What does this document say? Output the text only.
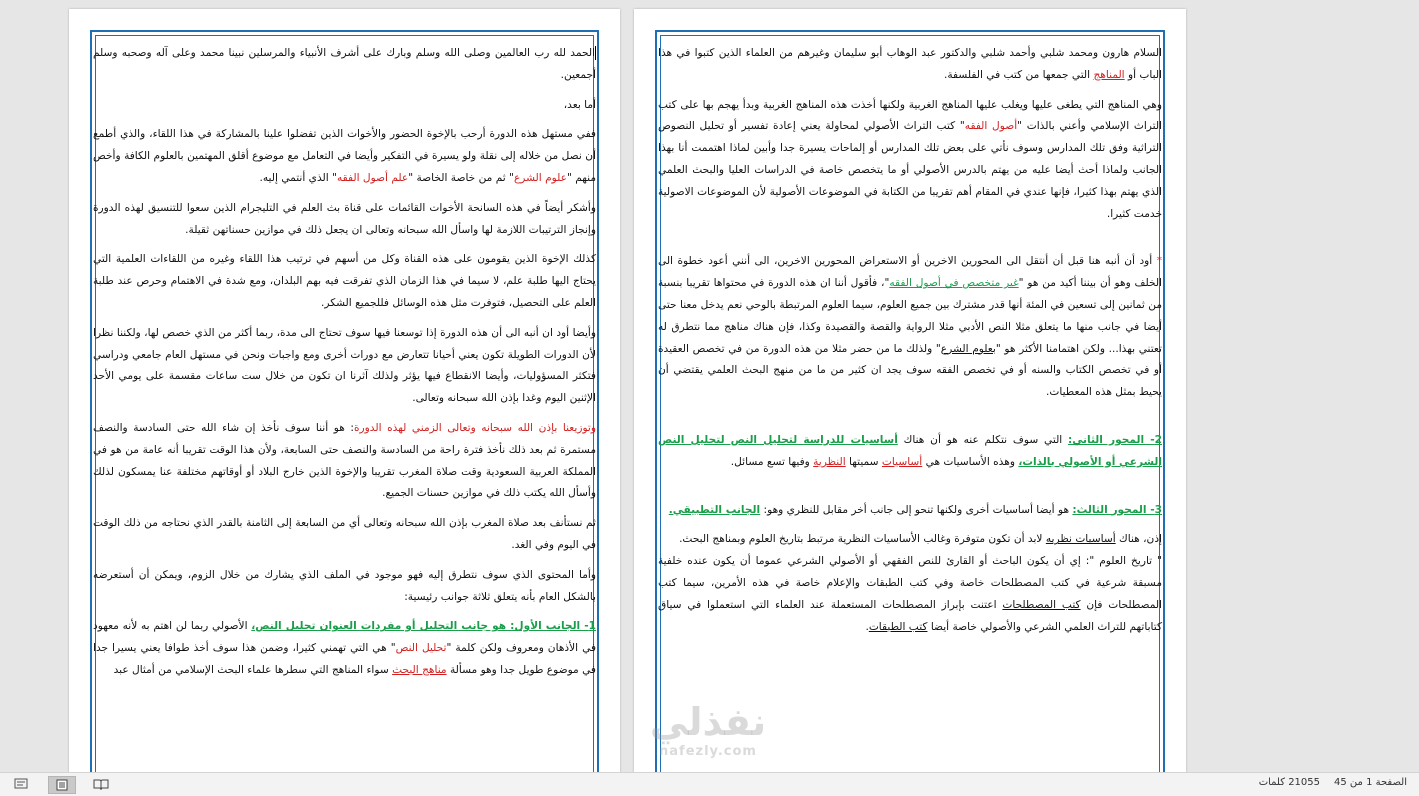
الحمد لله رب العالمين وصلى الله وسلم وبارك على أشرف الأنبياء والمرسلين نبينا محمد وعلى آله وصحبه وسلم أجمعين.

أما بعد،

ففي مستهل هذه الدورة أرحب بالإخوة الحضور والأخوات الذين تفضلوا علينا بالمشاركة في هذا اللقاء، والذي أطمع أن نصل من خلاله إلى نقلة ولو يسيرة في التفكير وأيضا في التعامل مع موضوع أقلق المهتمين بالعلوم الكافة وأخص منهم "علوم الشرع" ثم من خاصة الخاصة "علم أصول الفقه" الذي أنتمي إليه.

وأشكر أيضاً في هذه السانحة الأخوات القائمات على قناة بث العلم في التليجرام الذين سعوا للتنسيق لهذه الدورة وإنجاز الترتيبات اللازمة لها واسأل الله سبحانه وتعالى ان يجعل ذلك في موازين حسناتهن ثقيلة.

كذلك الإخوة الذين يقومون على هذه القناة وكل من أسهم في ترتيب هذا اللقاء وغيره من اللقاءات العلمية التي يحتاج اليها طلبة علم، لا سيما في هذا الزمان الذي تفرقت فيه بهم البلدان، ومع شدة في الاهتمام وحرص عند طلبة العلم على التحصيل، فتوفرت مثل هذه الوسائل فللجميع الشكر.

وأيضا أود ان أنبه الى أن هذه الدورة إذا توسعنا فيها سوف تحتاج الى مدة، ربما أكثر من الذي خصص لها، ولكننا نظرا لأن الدورات الطويلة تكون يعني أحيانا تتعارض مع دورات أخرى ومع واجبات ونحن في مستهل العام جامعي ودراسي فتكثر المسؤوليات، وأيضا الانقطاع فيها يؤثر ولذلك آثرنا ان تكون من خلال ست ساعات مقسمة على يومي الأحد الإثنين اليوم وغدا بإذن الله سبحانه وتعالى.

وتوزيعنا بإذن الله سبحانه وتعالى الزمني لهذه الدورة: هو أننا سوف نأخذ إن شاء الله حتى السادسة والنصف مستمرة ثم بعد ذلك نأخذ فترة راحة من السادسة والنصف حتى السابعة، ولأن هذا الوقت تقريبا أنه عامة من هو في المملكة العربية السعودية وقت صلاة المغرب تقريبا والإخوة الذين خارج البلاد أو أوقاتهم مختلفة عنا يمسكون لذلك وأسأل الله يكتب ذلك في موازين حسنات الجميع.

ثم نستأنف بعد صلاة المغرب بإذن الله سبحانه وتعالى أي من السابعة إلى الثامنة بالقدر الذي نحتاجه من ذلك الوقت في اليوم وفي الغد.

وأما المحتوى الذي سوف نتطرق إليه فهو موجود في الملف الذي يشارك من خلال الزوم، ويمكن أن أستعرضه بالشكل العام بأنه يتعلق ثلاثة جوانب رئيسية:

1- الجانب الأول: هو جانب التحليل أو مفردات العنوان تحليل النص، الأصولي ربما لن اهتم به لأنه معهود في الأذهان ومعروف ولكن كلمة "تحليل النص" هي التي تهمني كثيرا، وضمن هذا سوف أخذ طوافا يعني يسيرا جدا في موضوع طويل جدا وهو مسألة مناهج البحث سواء المناهج التي سطرها علماء البحث الإسلامي من أمثال عبد

السلام هارون ومحمد شلبي وأحمد شلبي والدكتور عبد الوهاب أبو سليمان وغيرهم من العلماء الذين كتبوا في هذا الباب أو المناهج التي جمعها من كتب في الفلسفة.

وهي المناهج التي يطغى عليها ويغلب عليها المناهج الغربية ولكنها أخذت هذه المناهج الغربية وبدأ يهجم بها على كتب التراث الإسلامي وأعني بالذات "أصول الفقه" كتب التراث الأصولي لمحاولة يعني إعادة تفسير أو تحليل النصوص التراثية وفق تلك المدارس وسوف نأتي على بعض تلك المدارس أو إلماحات يسيرة جدا وأبين لماذا اهتممت أنا بهذا الجانب ولماذا أحث أيضا عليه من يهتم بالدرس الأصولي أو ما يتخصص خاصة في الدراسات العليا والبحث العلمي الذي يهتم بهذا كثيرا، فإنها عندي في المقام أهم تقريبا من الكتابة في الموضوعات الأصولية لأن الموضوعات الاصولية خدمت كثيرا.

* أود أن أنبه هنا قبل أن أنتقل الى المحورين الاخرين أو الاستعراض المحورين الاخرين، الى أنني أعود خطوة الى الخلف وهو أن بيننا أكيد من هو "غير متخصص في أصول الفقه"، فأقول أننا ان هذه الدورة في محتواها تقريبا بنسبة من ثمانين إلى تسعين في المئة أنها قدر مشترك بين جميع العلوم، سيما العلوم المرتبطة بالوحي نعم يدخل معنا حتى أيضا في جانب منها ما يتعلق مثلا النص الأدبي مثلا الرواية والقصة والقصيدة وكذا، فإن هناك مناهج مما نتطرق له تعتني بهذا... ولكن اهتمامنا الأكثر هو "بعلوم الشرع" ولذلك ما من حضر مثلا من هذه الدورة من في تخصص العقيدة أو في تخصص الكتاب والسنه أو في تخصص الفقه سوف يجد ان كثير من ما من منهج البحث العلمي يقتضي أن يحيط بمثل هذه المعطيات.

2- المحور الثاني: التي سوف نتكلم عنه هو أن هناك أساسيات للدراسة لتحليل النص لتحليل النص الشرعي أو الأصولي بالذات، وهذه الأساسيات هي أساسيات سميتها النظرية وفيها تسع مسائل.

3- المحور الثالث: هو أيضا أساسيات أخرى ولكنها تنحو إلى جانب أخر مقابل للنظري وهو: الجانب التطبيقي.

إذن، هناك أساسيات نظريه لابد أن تكون متوفرة وغالب الأساسيات النظرية مرتبط بتاريخ العلوم وبمناهج البحث.

" تاريخ العلوم ": إي أن يكون الباحث أو القارئ للنص الفقهي أو الأصولي الشرعي عموما أن يكون عنده خلفية مسبقة شرعية في كتب المصطلحات خاصة وفي كتب الطبقات والإعلام خاصة في هذه الأمرين، سيما كتب المصطلحات فإن كتب المصطلحات اعتنت بإبراز المصطلحات المستعملة عند العلماء التي استعملوا في سياق كتاباتهم للتراث العلمي الشرعي والأصولي خاصة أيضا كتب الطبقات.

نفذلي
nafezly.com
الصفحة 1 من 45
21055 كلمات
